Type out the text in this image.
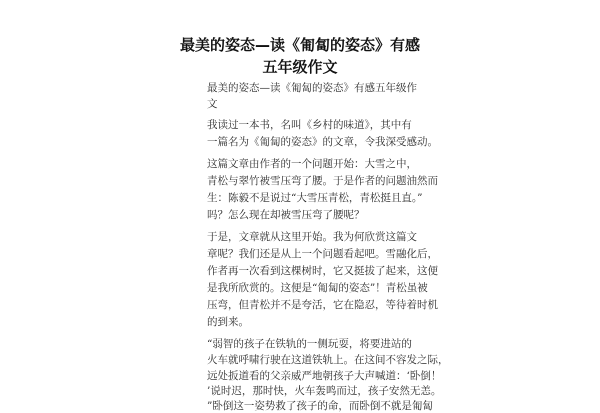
最美的姿态—读《匍匐的姿态》有感
五年级作文
最美的姿态—读《匍匐的姿态》有感五年级作
文
我读过一本书，名叫《乡村的味道》，其中有
一篇名为《匍匐的姿态》的文章，令我深受感动。
这篇文章由作者的一个问题开始：大雪之中，
青松与翠竹被雪压弯了腰。于是作者的问题油然而
生：陈毅不是说过“大雪压青松，青松挺且直。”
吗？怎么现在却被雪压弯了腰呢？
于是，文章就从这里开始。我为何欣赏这篇文
章呢？我们还是从上一个问题看起吧。雪融化后，
作者再一次看到这棵树时，它又挺拔了起来，这便
是我所欣赏的。这便是“匍匐的姿态”！青松虽被
压弯，但青松并不是夸活，它在隐忍，等待着时机
的到来。
“弱智的孩子在铁轨的一侧玩耍，将要进站的
火车就呼啸行驶在这道铁轨上。在这间不容发之际，
远处扳道看的父亲威严地朝孩子大声喊道：‘卧倒！
’说时迟，那时快，火车轰鸣而过，孩子安然无恙。
”卧倒这一姿势救了孩子的命，而卧倒不就是匍匐
